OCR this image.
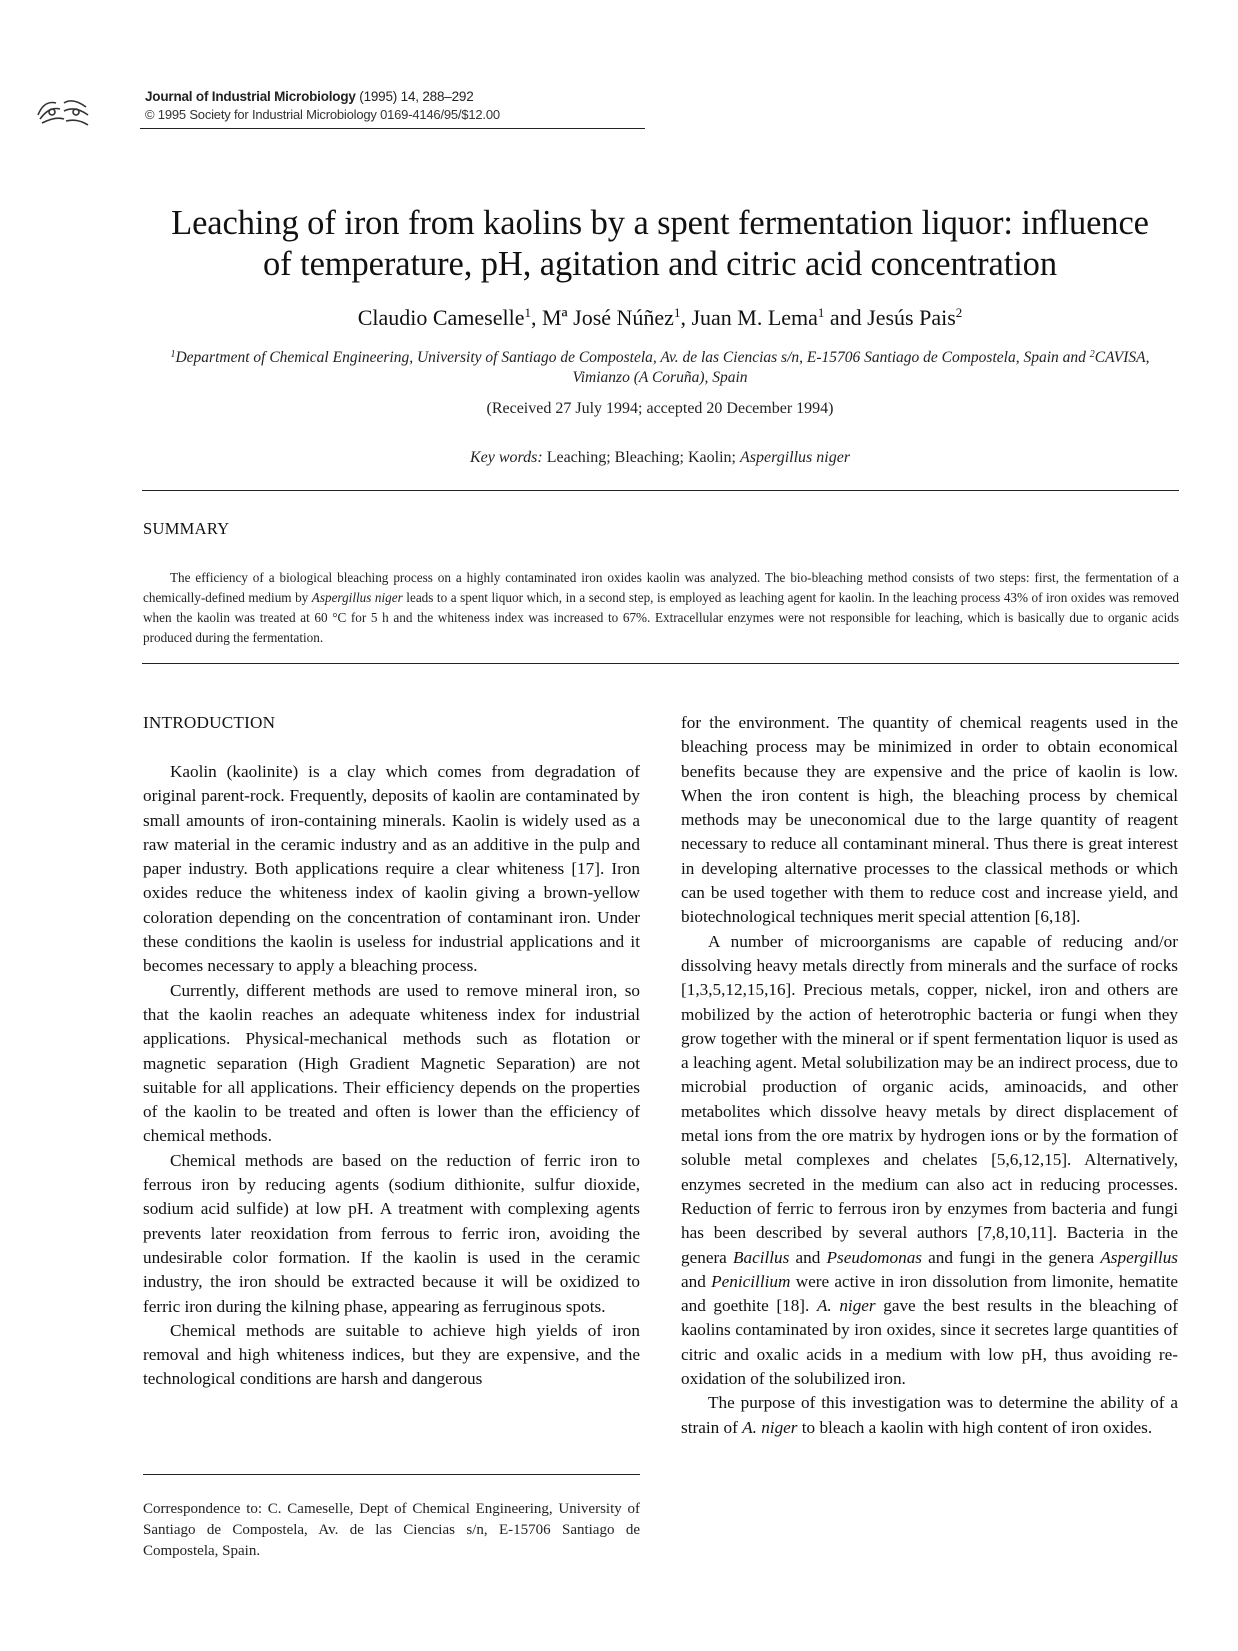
Journal of Industrial Microbiology (1995) 14, 288–292
© 1995 Society for Industrial Microbiology 0169-4146/95/$12.00
Leaching of iron from kaolins by a spent fermentation liquor: influence
of temperature, pH, agitation and citric acid concentration
Claudio Cameselle$^1$, Mª José Núñez$^1$, Juan M. Lema$^1$ and Jesús Pais$^2$
$^1$Department of Chemical Engineering, University of Santiago de Compostela, Av. de las Ciencias s/n, E-15706 Santiago de Compostela, Spain and $^2$CAVISA, Vimianzo (A Coruña), Spain
(Received 27 July 1994; accepted 20 December 1994)
Key words: Leaching; Bleaching; Kaolin; Aspergillus niger
SUMMARY
The efficiency of a biological bleaching process on a highly contaminated iron oxides kaolin was analyzed. The bio-bleaching method consists of two steps: first, the fermentation of a chemically-defined medium by Aspergillus niger leads to a spent liquor which, in a second step, is employed as leaching agent for kaolin. In the leaching process 43% of iron oxides was removed when the kaolin was treated at 60 °C for 5 h and the whiteness index was increased to 67%. Extracellular enzymes were not responsible for leaching, which is basically due to organic acids produced during the fermentation.
INTRODUCTION

Kaolin (kaolinite) is a clay which comes from degradation of original parent-rock. Frequently, deposits of kaolin are contaminated by small amounts of iron-containing minerals. Kaolin is widely used as a raw material in the ceramic industry and as an additive in the pulp and paper industry. Both applications require a clear whiteness [17]. Iron oxides reduce the whiteness index of kaolin giving a brown-yellow coloration depending on the concentration of contaminant iron. Under these conditions the kaolin is useless for industrial applications and it becomes necessary to apply a bleaching process.

Currently, different methods are used to remove mineral iron, so that the kaolin reaches an adequate whiteness index for industrial applications. Physical-mechanical methods such as flotation or magnetic separation (High Gradient Magnetic Separation) are not suitable for all applications. Their efficiency depends on the properties of the kaolin to be treated and often is lower than the efficiency of chemical methods.

Chemical methods are based on the reduction of ferric iron to ferrous iron by reducing agents (sodium dithionite, sulfur dioxide, sodium acid sulfide) at low pH. A treatment with complexing agents prevents later reoxidation from ferrous to ferric iron, avoiding the undesirable color formation. If the kaolin is used in the ceramic industry, the iron should be extracted because it will be oxidized to ferric iron during the kilning phase, appearing as ferruginous spots.

Chemical methods are suitable to achieve high yields of iron removal and high whiteness indices, but they are expensive, and the technological conditions are harsh and dangerous

Correspondence to: C. Cameselle, Dept of Chemical Engineering, University of Santiago de Compostela, Av. de las Ciencias s/n, E-15706 Santiago de Compostela, Spain.

for the environment. The quantity of chemical reagents used in the bleaching process may be minimized in order to obtain economical benefits because they are expensive and the price of kaolin is low. When the iron content is high, the bleaching process by chemical methods may be uneconomical due to the large quantity of reagent necessary to reduce all contaminant mineral. Thus there is great interest in developing alternative processes to the classical methods or which can be used together with them to reduce cost and increase yield, and biotechnological techniques merit special attention [6,18].

A number of microorganisms are capable of reducing and/or dissolving heavy metals directly from minerals and the surface of rocks [1,3,5,12,15,16]. Precious metals, copper, nickel, iron and others are mobilized by the action of heterotrophic bacteria or fungi when they grow together with the mineral or if spent fermentation liquor is used as a leaching agent. Metal solubilization may be an indirect process, due to microbial production of organic acids, aminoacids, and other metabolites which dissolve heavy metals by direct displacement of metal ions from the ore matrix by hydrogen ions or by the formation of soluble metal complexes and chelates [5,6,12,15]. Alternatively, enzymes secreted in the medium can also act in reducing processes. Reduction of ferric to ferrous iron by enzymes from bacteria and fungi has been described by several authors [7,8,10,11]. Bacteria in the genera Bacillus and Pseudomonas and fungi in the genera Aspergillus and Penicillium were active in iron dissolution from limonite, hematite and goethite [18]. A. niger gave the best results in the bleaching of kaolins contaminated by iron oxides, since it secretes large quantities of citric and oxalic acids in a medium with low pH, thus avoiding re-oxidation of the solubilized iron.

The purpose of this investigation was to determine the ability of a strain of A. niger to bleach a kaolin with high content of iron oxides.
